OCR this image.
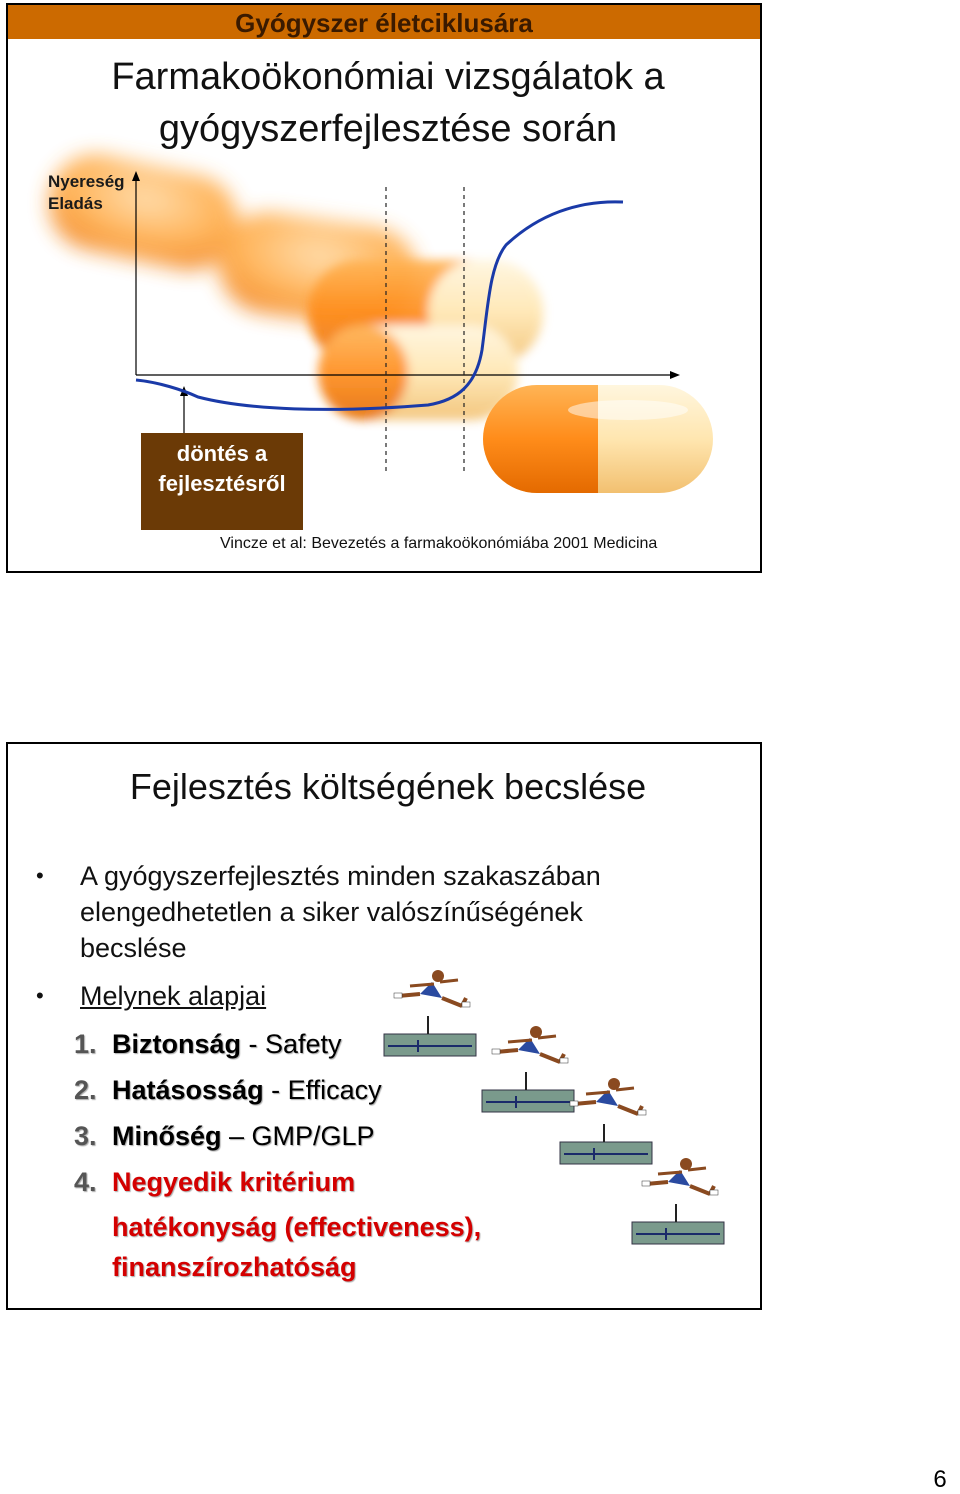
Gyógyszer életciklusára
Farmakoökonómiai vizsgálatok a
gyógyszerfejlesztése során
Nyereség
Eladás
döntés a
fejlesztésről
Vincze et al: Bevezetés a farmakoökonómiába 2001 Medicina
Fejlesztés költségének becslése
• A gyógyszerfejlesztés minden szakaszában
elengedhetetlen a siker valószínűségének
becslése
• Melynek alapjai
1. Biztonság - Safety
2. Hatásosság - Efficacy
3. Minőség – GMP/GLP
4. Negyedik kritérium
hatékonyság (effectiveness),
finanszírozhatóság
6
